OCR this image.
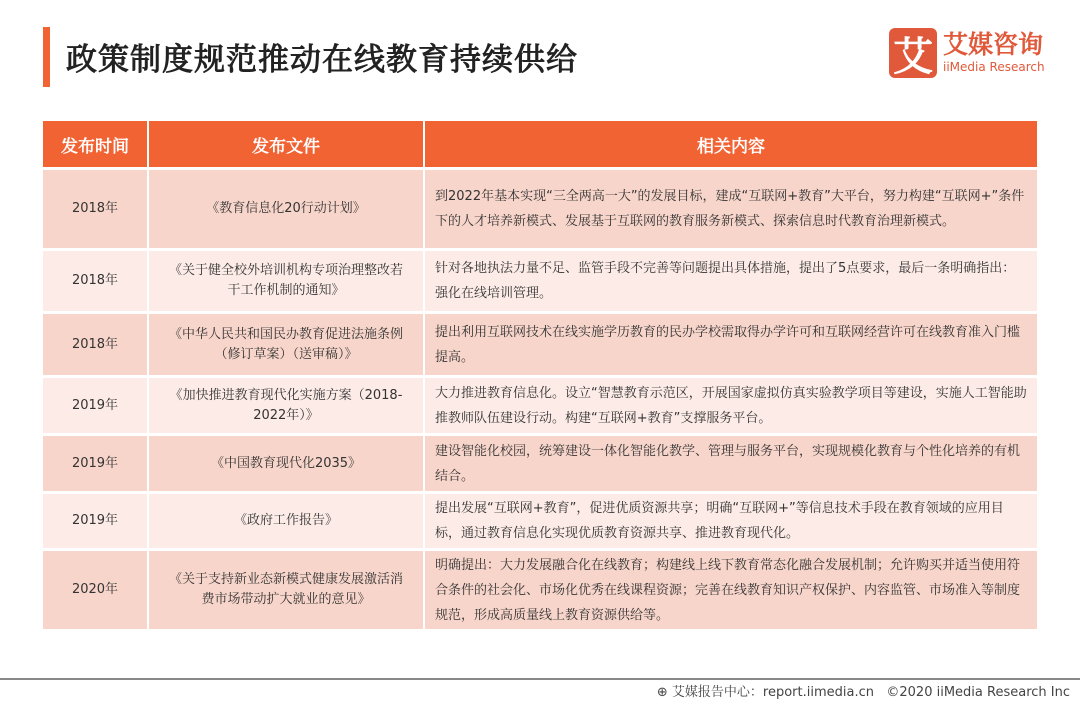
政策制度规范推动在线教育持续供给	艾 艾媒咨询
iiMedia Research
发布时间	发布文件	相关内容
2018年	《教育信息化20行动计划》	到2022年基本实现“三全两高一大”的发展目标，建成“互联网+教育”大平台，努力构建“互联网+”条件下的人才培养新模式、发展基于互联网的教育服务新模式、探索信息时代教育治理新模式。
2018年	《关于健全校外培训机构专项治理整改若干工作机制的通知》	针对各地执法力量不足、监管手段不完善等问题提出具体措施，提出了5点要求，最后一条明确指出：强化在线培训管理。
2018年	《中华人民共和国民办教育促进法施条例（修订草案）（送审稿）》	提出利用互联网技术在线实施学历教育的民办学校需取得办学许可和互联网经营许可在线教育准入门槛提高。
2019年	《加快推进教育现代化实施方案（2018-2022年）》	大力推进教育信息化。设立“智慧教育示范区，开展国家虚拟仿真实验教学项目等建设，实施人工智能助推教师队伍建设行动。构建“互联网+教育”支撑服务平台。
2019年	《中国教育现代化2035》	建设智能化校园，统筹建设一体化智能化教学、管理与服务平台，实现规模化教育与个性化培养的有机结合。
2019年	《政府工作报告》	提出发展“互联网+教育”，促进优质资源共享；明确“互联网+”等信息技术手段在教育领域的应用目标，通过教育信息化实现优质教育资源共享、推进教育现代化。
2020年	《关于支持新业态新模式健康发展激活消费市场带动扩大就业的意见》	明确提出：大力发展融合化在线教育；构建线上线下教育常态化融合发展机制；允许购买并适当使用符合条件的社会化、市场化优秀在线课程资源；完善在线教育知识产权保护、内容监管、市场准入等制度规范，形成高质量线上教育资源供给等。
⊕ 艾媒报告中心：report.iimedia.cn ©2020 iiMedia Research Inc
